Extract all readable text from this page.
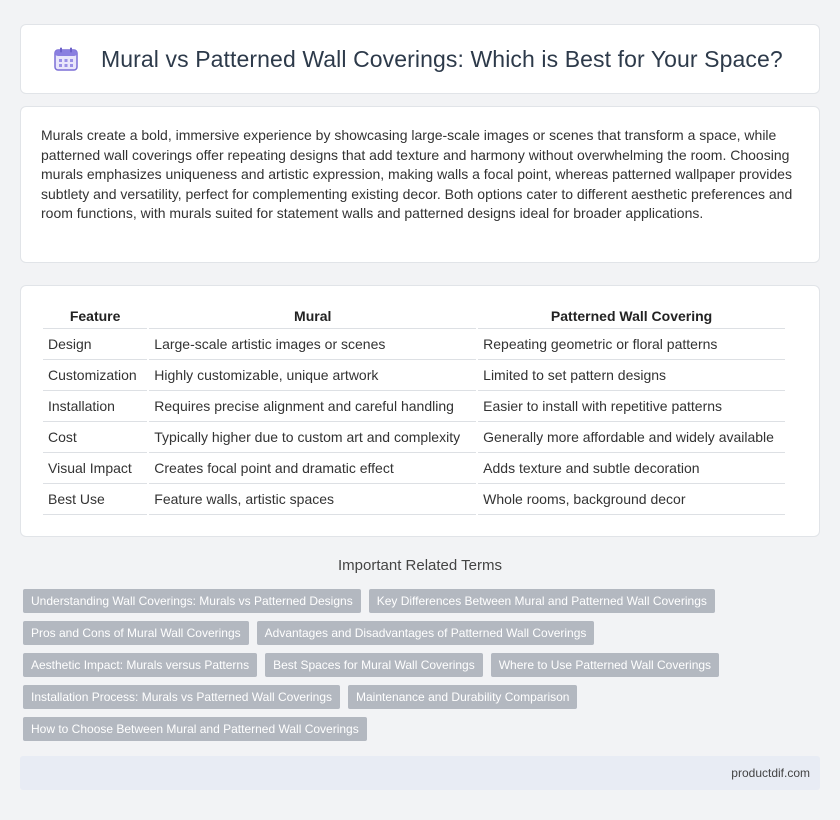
Mural vs Patterned Wall Coverings: Which is Best for Your Space?

Murals create a bold, immersive experience by showcasing large-scale images or scenes that transform a space, while patterned wall coverings offer repeating designs that add texture and harmony without overwhelming the room. Choosing murals emphasizes uniqueness and artistic expression, making walls a focal point, whereas patterned wallpaper provides subtlety and versatility, perfect for complementing existing decor. Both options cater to different aesthetic preferences and room functions, with murals suited for statement walls and patterned designs ideal for broader applications.

Feature	Mural	Patterned Wall Covering
Design	Large-scale artistic images or scenes	Repeating geometric or floral patterns
Customization	Highly customizable, unique artwork	Limited to set pattern designs
Installation	Requires precise alignment and careful handling	Easier to install with repetitive patterns
Cost	Typically higher due to custom art and complexity	Generally more affordable and widely available
Visual Impact	Creates focal point and dramatic effect	Adds texture and subtle decoration
Best Use	Feature walls, artistic spaces	Whole rooms, background decor
Important Related Terms
Understanding Wall Coverings: Murals vs Patterned Designs	Key Differences Between Mural and Patterned Wall Coverings
Pros and Cons of Mural Wall Coverings	Advantages and Disadvantages of Patterned Wall Coverings
Aesthetic Impact: Murals versus Patterns	Best Spaces for Mural Wall Coverings	Where to Use Patterned Wall Coverings
Installation Process: Murals vs Patterned Wall Coverings	Maintenance and Durability Comparison
How to Choose Between Mural and Patterned Wall Coverings
productdif.com
